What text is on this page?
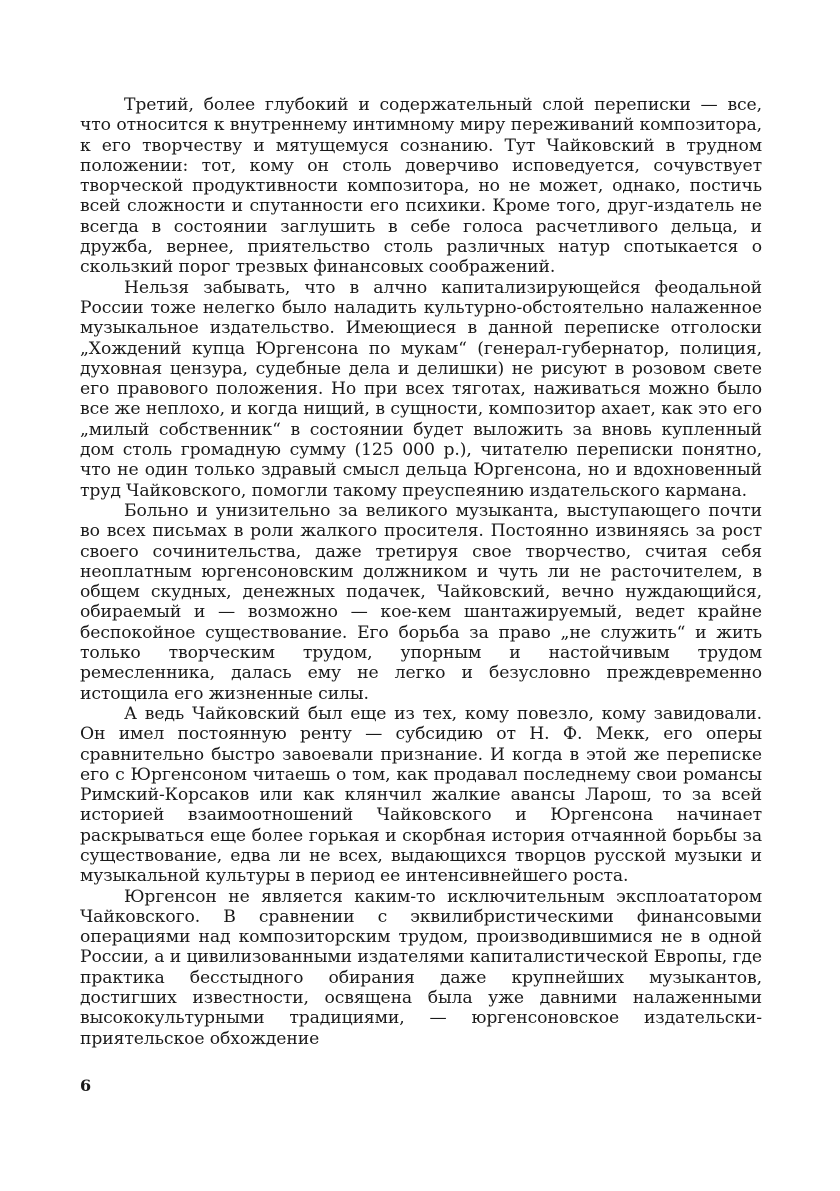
Третий, более глубокий и содержательный слой переписки — все, что относится к внутреннему интимному миру переживаний композитора, к его творчеству и мятущемуся сознанию. Тут Чайковский в трудном положении: тот, кому он столь доверчиво исповедуется, сочувствует творческой продуктивности композитора, но не может, однако, постичь всей сложности и спутанности его психики. Кроме того, друг-издатель не всегда в состоянии заглушить в себе голоса расчетливого дельца, и дружба, вернее, приятельство столь различных натур спотыкается о скользкий порог трезвых финансовых соображений.

Нельзя забывать, что в алчно капитализирующейся феодальной России тоже нелегко было наладить культурно-обстоятельно налаженное музыкальное издательство. Имеющиеся в данной переписке отголоски „Хождений купца Юргенсона по мукам“ (генерал-губернатор, полиция, духовная цензура, судебные дела и делишки) не рисуют в розовом свете его правового положения. Но при всех тяготах, наживаться можно было все же неплохо, и когда нищий, в сущности, композитор ахает, как это его „милый собственник“ в состоянии будет выложить за вновь купленный дом столь громадную сумму (125 000 р.), читателю переписки понятно, что не один только здравый смысл дельца Юргенсона, но и вдохновенный труд Чайковского, помогли такому преуспеянию издательского кармана.

Больно и унизительно за великого музыканта, выступающего почти во всех письмах в роли жалкого просителя. Постоянно извиняясь за рост своего сочинительства, даже третируя свое творчество, считая себя неоплатным юргенсоновским должником и чуть ли не расточителем, в общем скудных, денежных подачек, Чайковский, вечно нуждающийся, обираемый и — возможно — кое-кем шантажируемый, ведет крайне беспокойное существование. Его борьба за право „не служить“ и жить только творческим трудом, упорным и настойчивым трудом ремесленника, далась ему не легко и безусловно преждевременно истощила его жизненные силы.

А ведь Чайковский был еще из тех, кому повезло, кому завидовали. Он имел постоянную ренту — субсидию от Н. Ф. Мекк, его оперы сравнительно быстро завоевали признание. И когда в этой же переписке его с Юргенсоном читаешь о том, как продавал последнему свои романсы Римский-Корсаков или как клянчил жалкие авансы Ларош, то за всей историей взаимоотношений Чайковского и Юргенсона начинает раскрываться еще более горькая и скорбная история отчаянной борьбы за существование, едва ли не всех, выдающихся творцов русской музыки и музыкальной культуры в период ее интенсивнейшего роста.

Юргенсон не является каким-то исключительным эксплоататором Чайковского. В сравнении с эквилибристическими финансовыми операциями над композиторским трудом, производившимися не в одной России, а и цивилизованными издателями капиталистической Европы, где практика бесстыдного обирания даже крупнейших музыкантов, достигших известности, освящена была уже давними налаженными высококультурными традициями, — юргенсоновское издательски-приятельское обхождение

6
